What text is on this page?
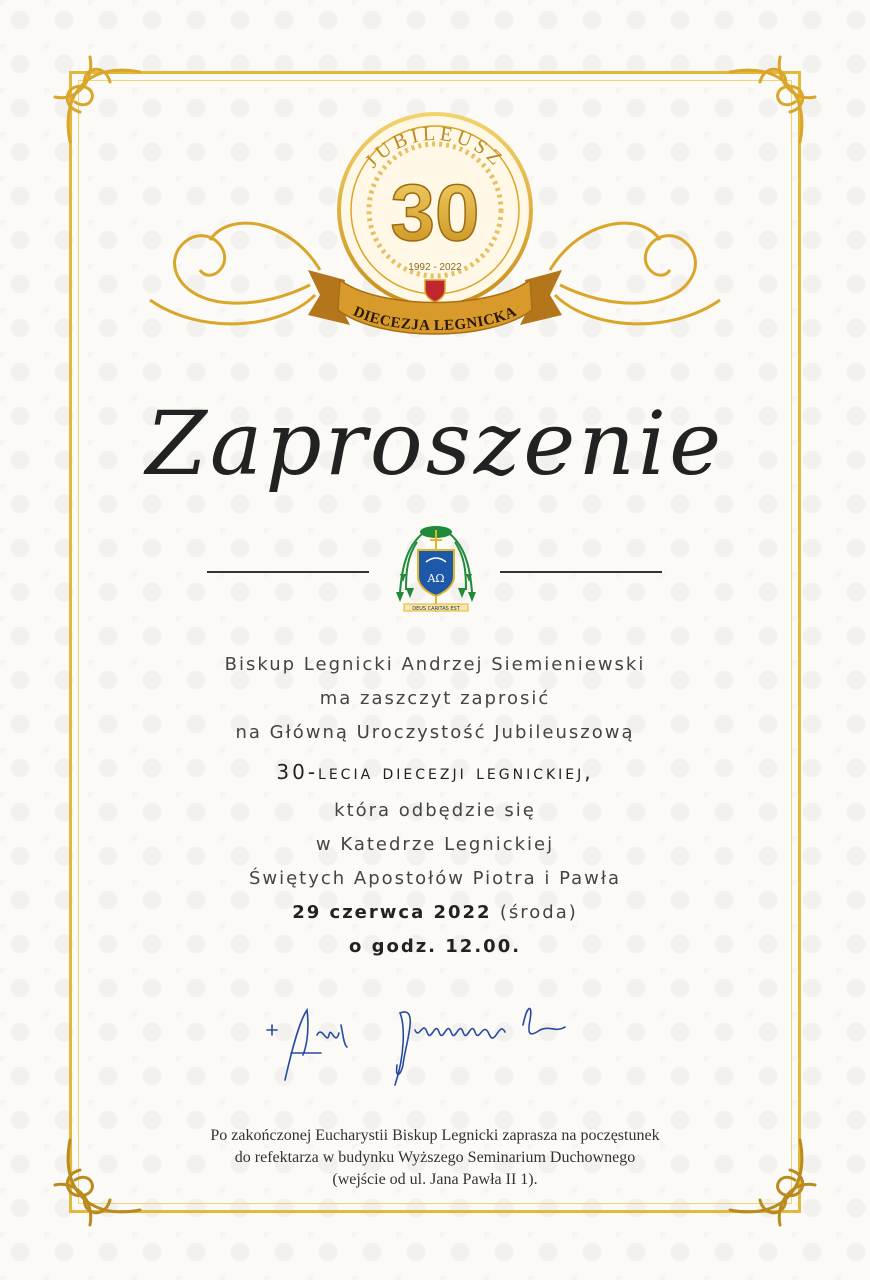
JUBILEUSZ
30
1992 - 2022
DIECEZJA LEGNICKA
Zaproszenie
AΩ
DEUS CARITAS EST
Biskup Legnicki Andrzej Siemieniewski
ma zaszczyt zaprosić
na Główną Uroczystość Jubileuszową
30-lecia diecezji legnickiej,
która odbędzie się
w Katedrze Legnickiej
Świętych Apostołów Piotra i Pawła
29 czerwca 2022 (środa)
o godz. 12.00.
Po zakończonej Eucharystii Biskup Legnicki zaprasza na poczęstunek
do refektarza w budynku Wyższego Seminarium Duchownego
(wejście od ul. Jana Pawła II 1).
